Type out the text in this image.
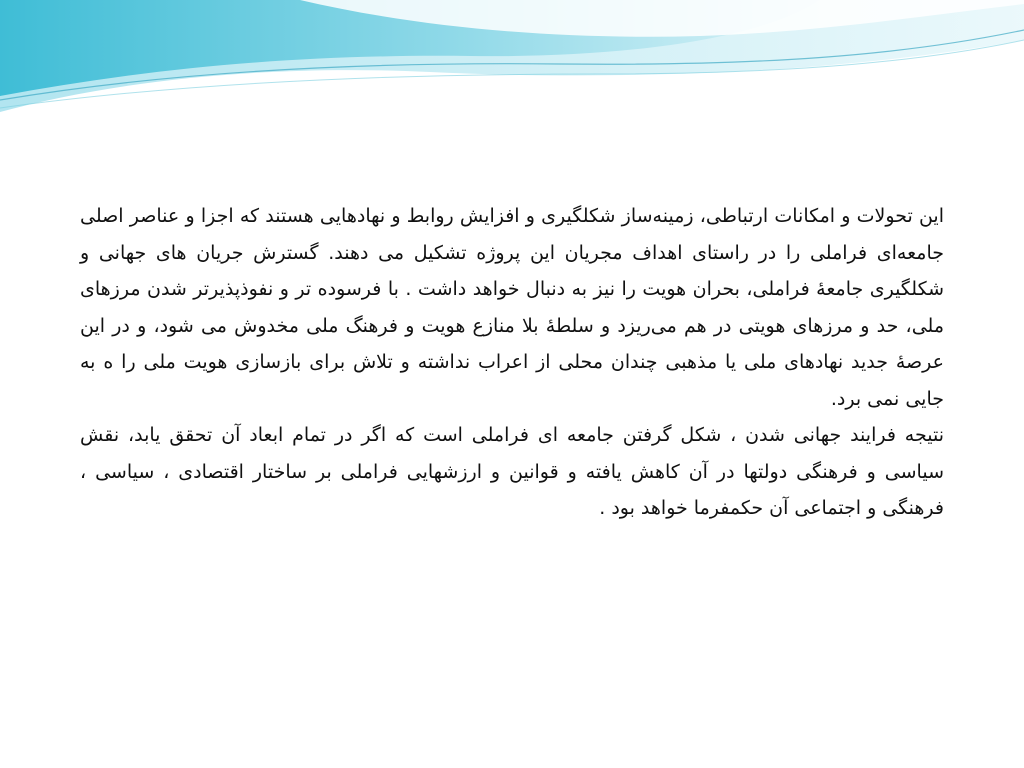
این تحولات و امکانات ارتباطی، زمینه‌ساز شکلگیری و افزایش روابط و نهادهایی هستند که اجزا و عناصر اصلی جامعه‌ای فراملی را در راستای اهداف مجریان این پروژه تشکیل می دهند. گسترش جریان های جهانی و شکلگیری جامعهٔ فراملی، بحران هویت را نیز به دنبال خواهد داشت . با فرسوده تر و نفوذپذیرتر شدن مرزهای ملی، حد و مرزهای هویتی در هم می‌ریزد و سلطهٔ بلا منازع هویت و فرهنگ ملی مخدوش می شود، و در این عرصهٔ جدید نهادهای ملی یا مذهبی چندان محلی از اعراب نداشته و تلاش برای بازسازی هویت ملی را ه به جایی نمی برد.

نتیجه فرایند جهانی شدن ، شکل گرفتن جامعه ای فراملی است که اگر در تمام ابعاد آن تحقق یابد، نقش سیاسی و فرهنگی دولتها در آن کاهش یافته و قوانین و ارزشهایی فراملی بر ساختار اقتصادی ، سیاسی ، فرهنگی و اجتماعی آن حکمفرما خواهد بود .
